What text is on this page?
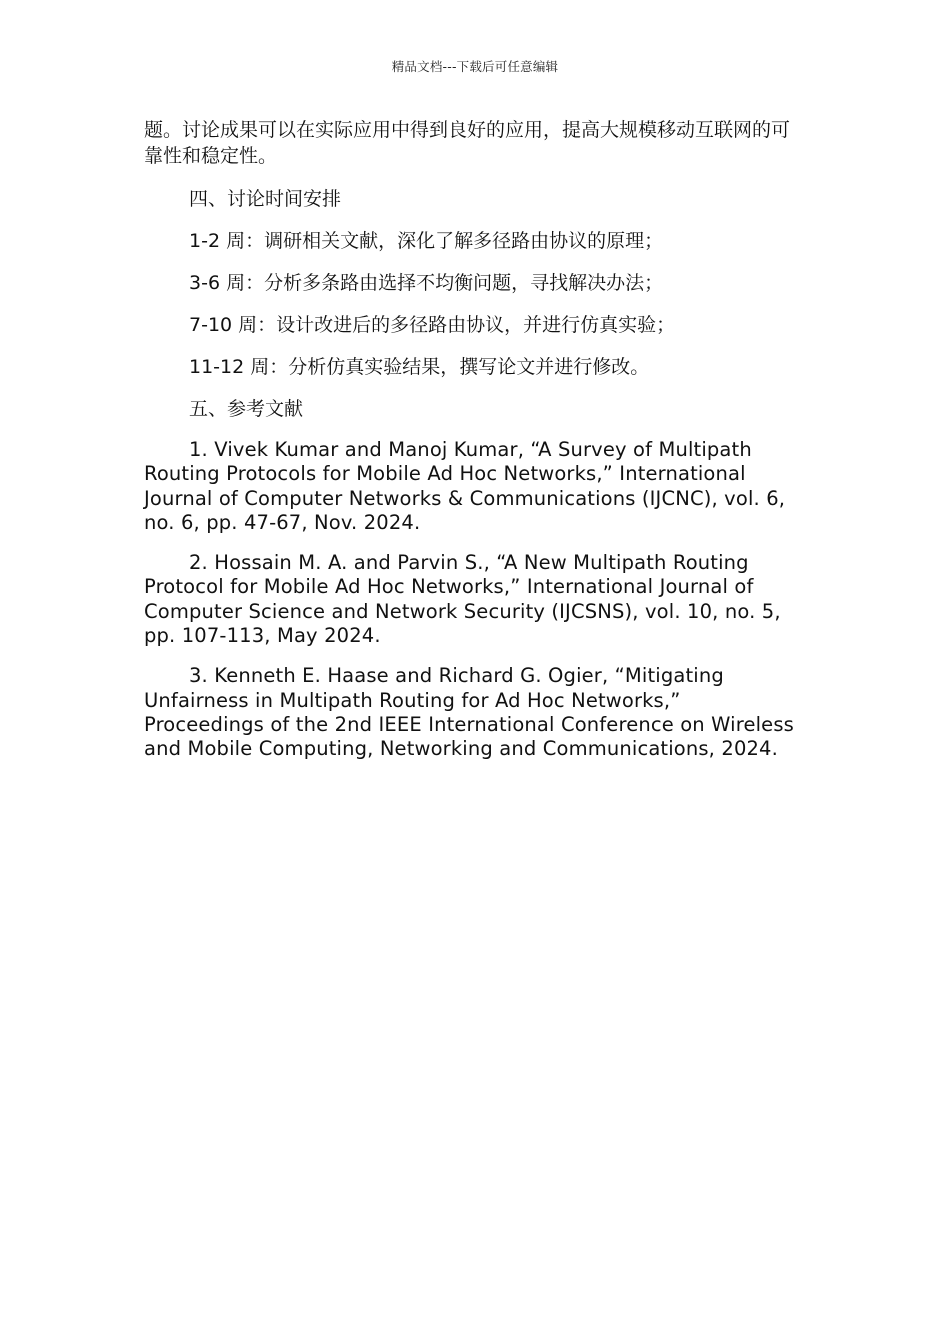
精品文档---下载后可任意编辑

题。讨论成果可以在实际应用中得到良好的应用，提高大规模移动互联网的可靠性和稳定性。

四、讨论时间安排

1-2 周：调研相关文献，深化了解多径路由协议的原理；

3-6 周：分析多条路由选择不均衡问题，寻找解决办法；

7-10 周：设计改进后的多径路由协议，并进行仿真实验；

11-12 周：分析仿真实验结果，撰写论文并进行修改。

五、参考文献

1. Vivek Kumar and Manoj Kumar, “A Survey of Multipath Routing Protocols for Mobile Ad Hoc Networks,” International Journal of Computer Networks & Communications (IJCNC), vol. 6, no. 6, pp. 47-67, Nov. 2024.

2. Hossain M. A. and Parvin S., “A New Multipath Routing Protocol for Mobile Ad Hoc Networks,” International Journal of Computer Science and Network Security (IJCSNS), vol. 10, no. 5, pp. 107-113, May 2024.

3. Kenneth E. Haase and Richard G. Ogier, “Mitigating Unfairness in Multipath Routing for Ad Hoc Networks,” Proceedings of the 2nd IEEE International Conference on Wireless and Mobile Computing, Networking and Communications, 2024.
